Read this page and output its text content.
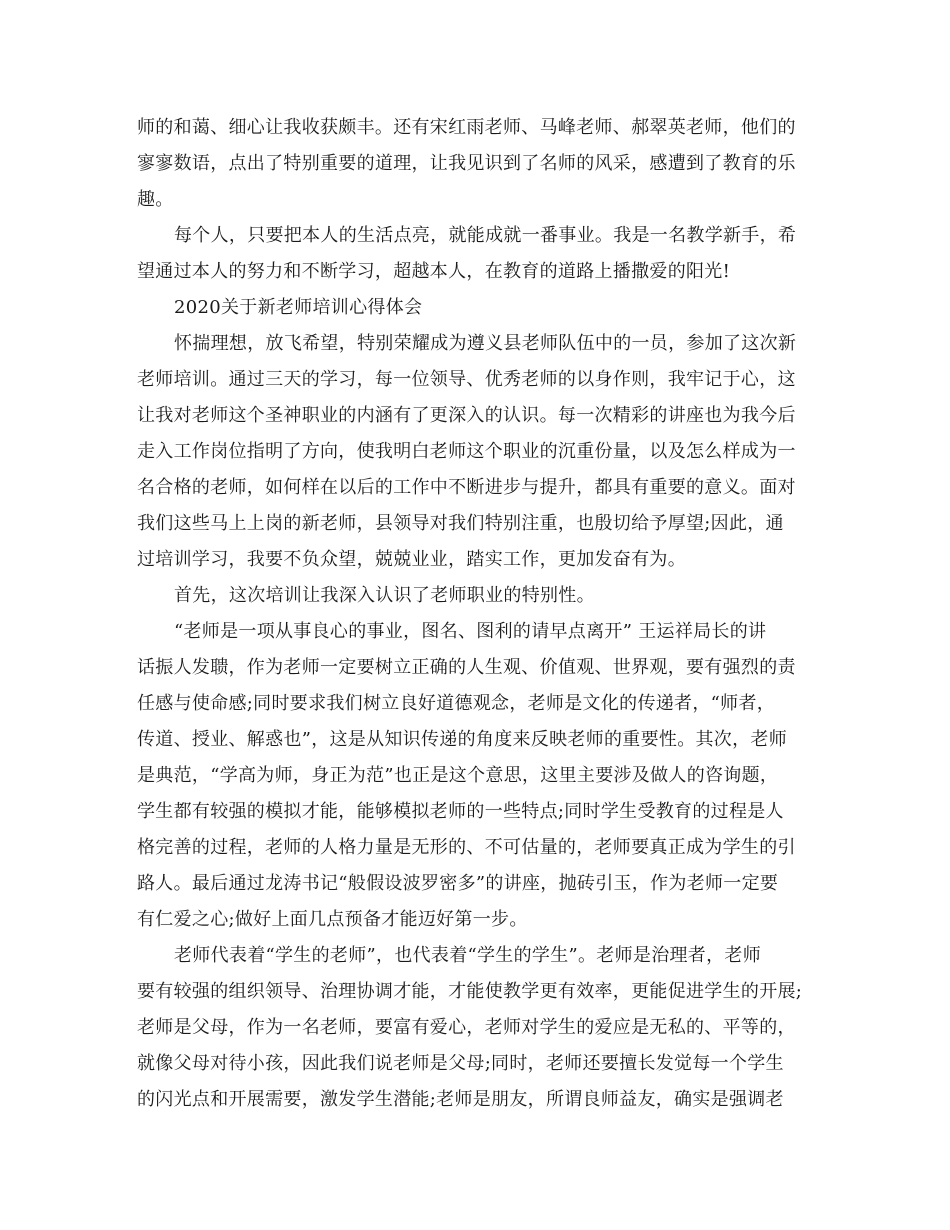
师的和蔼、细心让我收获颇丰。还有宋红雨老师、马峰老师、郝翠英老师，他们的
寥寥数语，点出了特别重要的道理，让我见识到了名师的风采，感遭到了教育的乐
趣。
每个人，只要把本人的生活点亮，就能成就一番事业。我是一名教学新手，希
望通过本人的努力和不断学习，超越本人，在教育的道路上播撒爱的阳光!
2020关于新老师培训心得体会
怀揣理想，放飞希望，特别荣耀成为遵义县老师队伍中的一员，参加了这次新
老师培训。通过三天的学习，每一位领导、优秀老师的以身作则，我牢记于心，这
让我对老师这个圣神职业的内涵有了更深入的认识。每一次精彩的讲座也为我今后
走入工作岗位指明了方向，使我明白老师这个职业的沉重份量，以及怎么样成为一
名合格的老师，如何样在以后的工作中不断进步与提升，都具有重要的意义。面对
我们这些马上上岗的新老师，县领导对我们特别注重，也殷切给予厚望;因此，通
过培训学习，我要不负众望，兢兢业业，踏实工作，更加发奋有为。
首先，这次培训让我深入认识了老师职业的特别性。
“老师是一项从事良心的事业，图名、图利的请早点离开” 王运祥局长的讲
话振人发聩，作为老师一定要树立正确的人生观、价值观、世界观，要有强烈的责
任感与使命感;同时要求我们树立良好道德观念，老师是文化的传递者，“师者，
传道、授业、解惑也”，这是从知识传递的角度来反映老师的重要性。其次，老师
是典范，“学高为师，身正为范”也正是这个意思，这里主要涉及做人的咨询题，
学生都有较强的模拟才能，能够模拟老师的一些特点;同时学生受教育的过程是人
格完善的过程，老师的人格力量是无形的、不可估量的，老师要真正成为学生的引
路人。最后通过龙涛书记“般假设波罗密多”的讲座，抛砖引玉，作为老师一定要
有仁爱之心;做好上面几点预备才能迈好第一步。
老师代表着“学生的老师”，也代表着“学生的学生”。老师是治理者，老师
要有较强的组织领导、治理协调才能，才能使教学更有效率，更能促进学生的开展;
老师是父母，作为一名老师，要富有爱心，老师对学生的爱应是无私的、平等的，
就像父母对待小孩，因此我们说老师是父母;同时，老师还要擅长发觉每一个学生
的闪光点和开展需要，激发学生潜能;老师是朋友，所谓良师益友，确实是强调老
